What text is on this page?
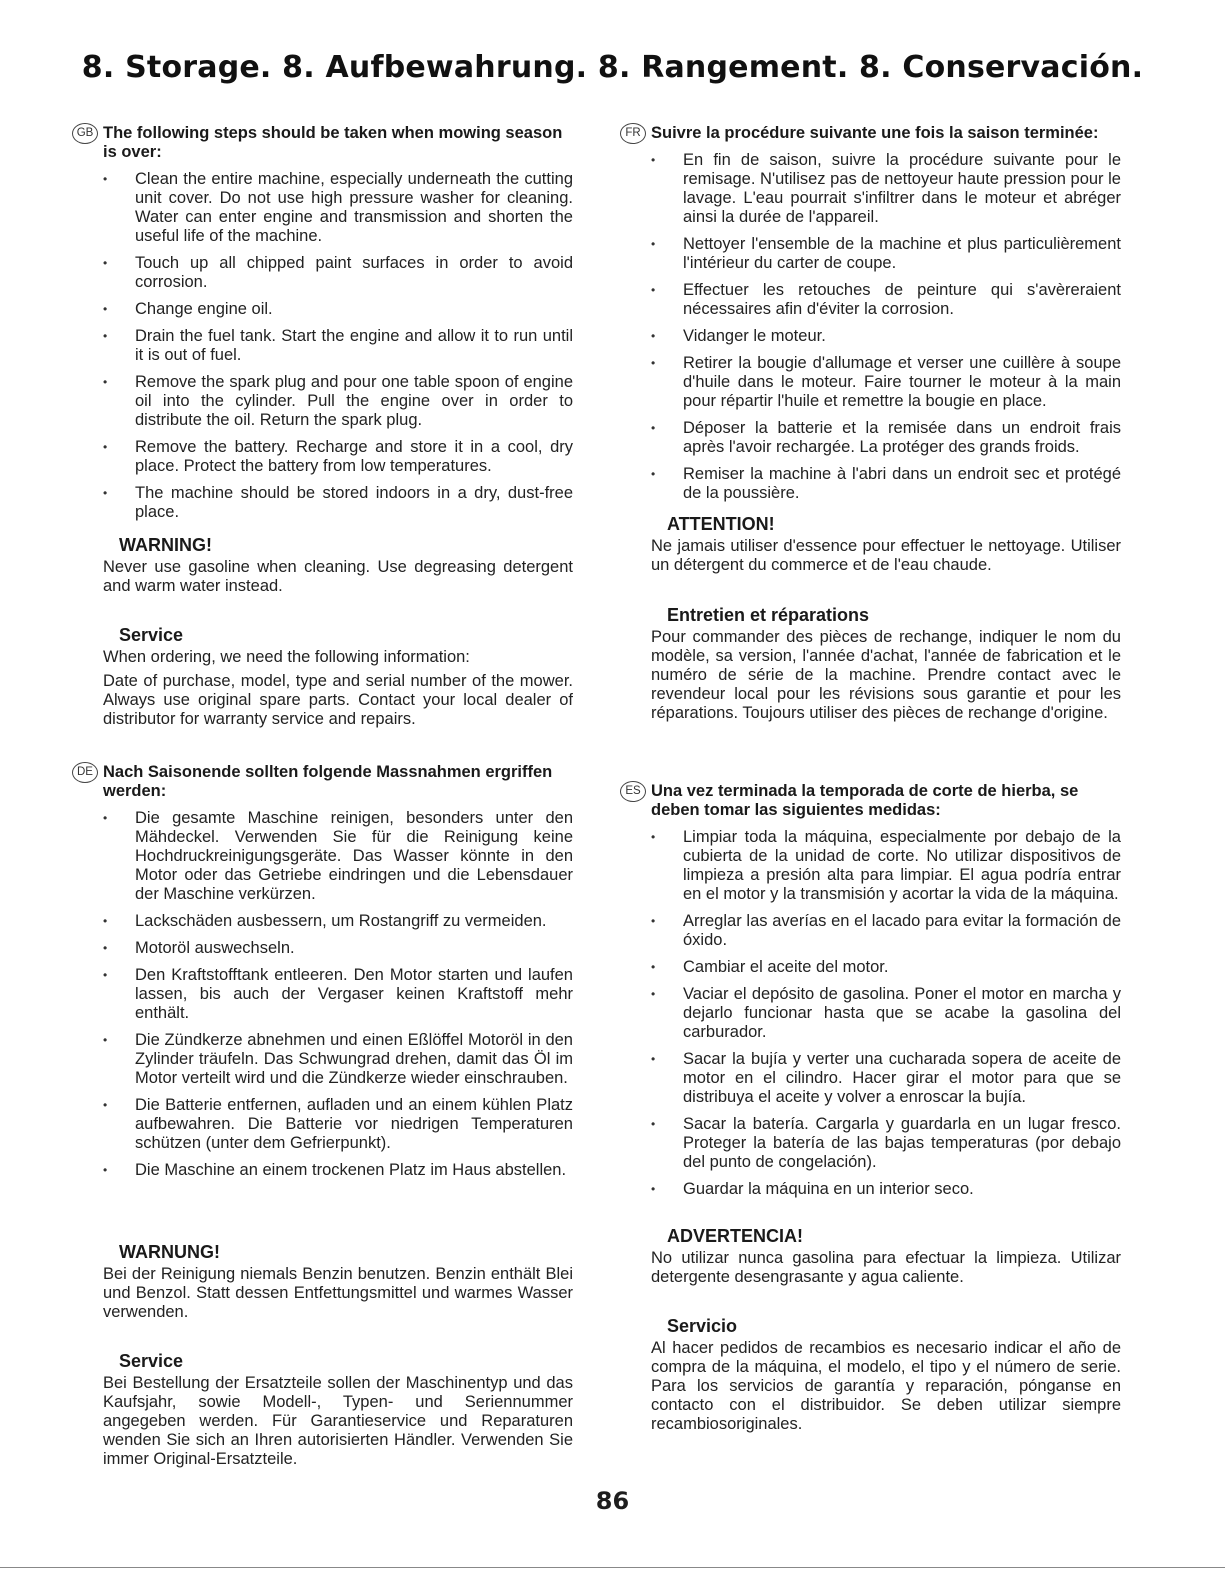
8. Storage. 8. Aufbewahrung. 8. Rangement. 8. Conservación.
GB The following steps should be taken when mowing season is over:
• Clean the entire machine, especially underneath the cutting unit cover. Do not use high pressure washer for cleaning. Water can enter engine and transmission and shorten the useful life of the machine.
• Touch up all chipped paint surfaces in order to avoid corrosion.
• Change engine oil.
• Drain the fuel tank. Start the engine and allow it to run until it is out of fuel.
• Remove the spark plug and pour one table spoon of engine oil into the cylinder. Pull the engine over in order to distribute the oil. Return the spark plug.
• Remove the battery. Recharge and store it in a cool, dry place. Protect the battery from low temperatures.
• The machine should be stored indoors in a dry, dust-free place.
WARNING!
Never use gasoline when cleaning. Use degreasing detergent and warm water instead.
Service
When ordering, we need the following information:
Date of purchase, model, type and serial number of the mower. Always use original spare parts. Contact your local dealer of distributor for warranty service and repairs.
DE Nach Saisonende sollten folgende Massnahmen ergriffen werden:
• Die gesamte Maschine reinigen, besonders unter den Mähdeckel. Verwenden Sie für die Reinigung keine Hochdruckreinigungsgeräte. Das Wasser könnte in den Motor oder das Getriebe eindringen und die Lebensdauer der Maschine verkürzen.
• Lackschäden ausbessern, um Rostangriff zu vermeiden.
• Motoröl auswechseln.
• Den Kraftstofftank entleeren. Den Motor starten und laufen lassen, bis auch der Vergaser keinen Kraftstoff mehr enthält.
• Die Zündkerze abnehmen und einen Eßlöffel Motoröl in den Zylinder träufeln. Das Schwungrad drehen, damit das Öl im Motor verteilt wird und die Zündkerze wieder einschrauben.
• Die Batterie entfernen, aufladen und an einem kühlen Platz aufbewahren. Die Batterie vor niedrigen Temperaturen schützen (unter dem Gefrierpunkt).
• Die Maschine an einem trockenen Platz im Haus abstellen.
WARNUNG!
Bei der Reinigung niemals Benzin benutzen. Benzin enthält Blei und Benzol. Statt dessen Entfettungsmittel und warmes Wasser verwenden.
Service
Bei Bestellung der Ersatzteile sollen der Maschinentyp und das Kaufsjahr, sowie Modell-, Typen- und Seriennummer angegeben werden. Für Garantieservice und Reparaturen wenden Sie sich an Ihren autorisierten Händler. Verwenden Sie immer Original-Ersatzteile.
FR Suivre la procédure suivante une fois la saison terminée:
• En fin de saison, suivre la procédure suivante pour le remisage. N'utilisez pas de nettoyeur haute pression pour le lavage. L'eau pourrait s'infiltrer dans le moteur et abréger ainsi la durée de l'appareil.
• Nettoyer l'ensemble de la machine et plus particulièrement l'intérieur du carter de coupe.
• Effectuer les retouches de peinture qui s'avèreraient nécessaires afin d'éviter la corrosion.
• Vidanger le moteur.
• Retirer la bougie d'allumage et verser une cuillère à soupe d'huile dans le moteur. Faire tourner le moteur à la main pour répartir l'huile et remettre la bougie en place.
• Déposer la batterie et la remisée dans un endroit frais après l'avoir rechargée. La protéger des grands froids.
• Remiser la machine à l'abri dans un endroit sec et protégé de la poussière.
ATTENTION!
Ne jamais utiliser d'essence pour effectuer le nettoyage. Utiliser un détergent du commerce et de l'eau chaude.
Entretien et réparations
Pour commander des pièces de rechange, indiquer le nom du modèle, sa version, l'année d'achat, l'année de fabrication et le numéro de série de la machine. Prendre contact avec le revendeur local pour les révisions sous garantie et pour les réparations. Toujours utiliser des pièces de rechange d'origine.
ES Una vez terminada la temporada de corte de hierba, se deben tomar las siguientes medidas:
• Limpiar toda la máquina, especialmente por debajo de la cubierta de la unidad de corte. No utilizar dispositivos de limpieza a presión alta para limpiar. El agua podría entrar en el motor y la transmisión y acortar la vida de la máquina.
• Arreglar las averías en el lacado para evitar la formación de óxido.
• Cambiar el aceite del motor.
• Vaciar el depósito de gasolina. Poner el motor en marcha y dejarlo funcionar hasta que se acabe la gasolina del carburador.
• Sacar la bujía y verter una cucharada sopera de aceite de motor en el cilindro. Hacer girar el motor para que se distribuya el aceite y volver a enroscar la bujía.
• Sacar la batería. Cargarla y guardarla en un lugar fresco. Proteger la batería de las bajas temperaturas (por debajo del punto de congelación).
• Guardar la máquina en un interior seco.
ADVERTENCIA!
No utilizar nunca gasolina para efectuar la limpieza. Utilizar detergente desengrasante y agua caliente.
Servicio
Al hacer pedidos de recambios es necesario indicar el año de compra de la máquina, el modelo, el tipo y el número de serie. Para los servicios de garantía y reparación, pónganse en contacto con el distribuidor. Se deben utilizar siempre recambiosoriginales.
86
